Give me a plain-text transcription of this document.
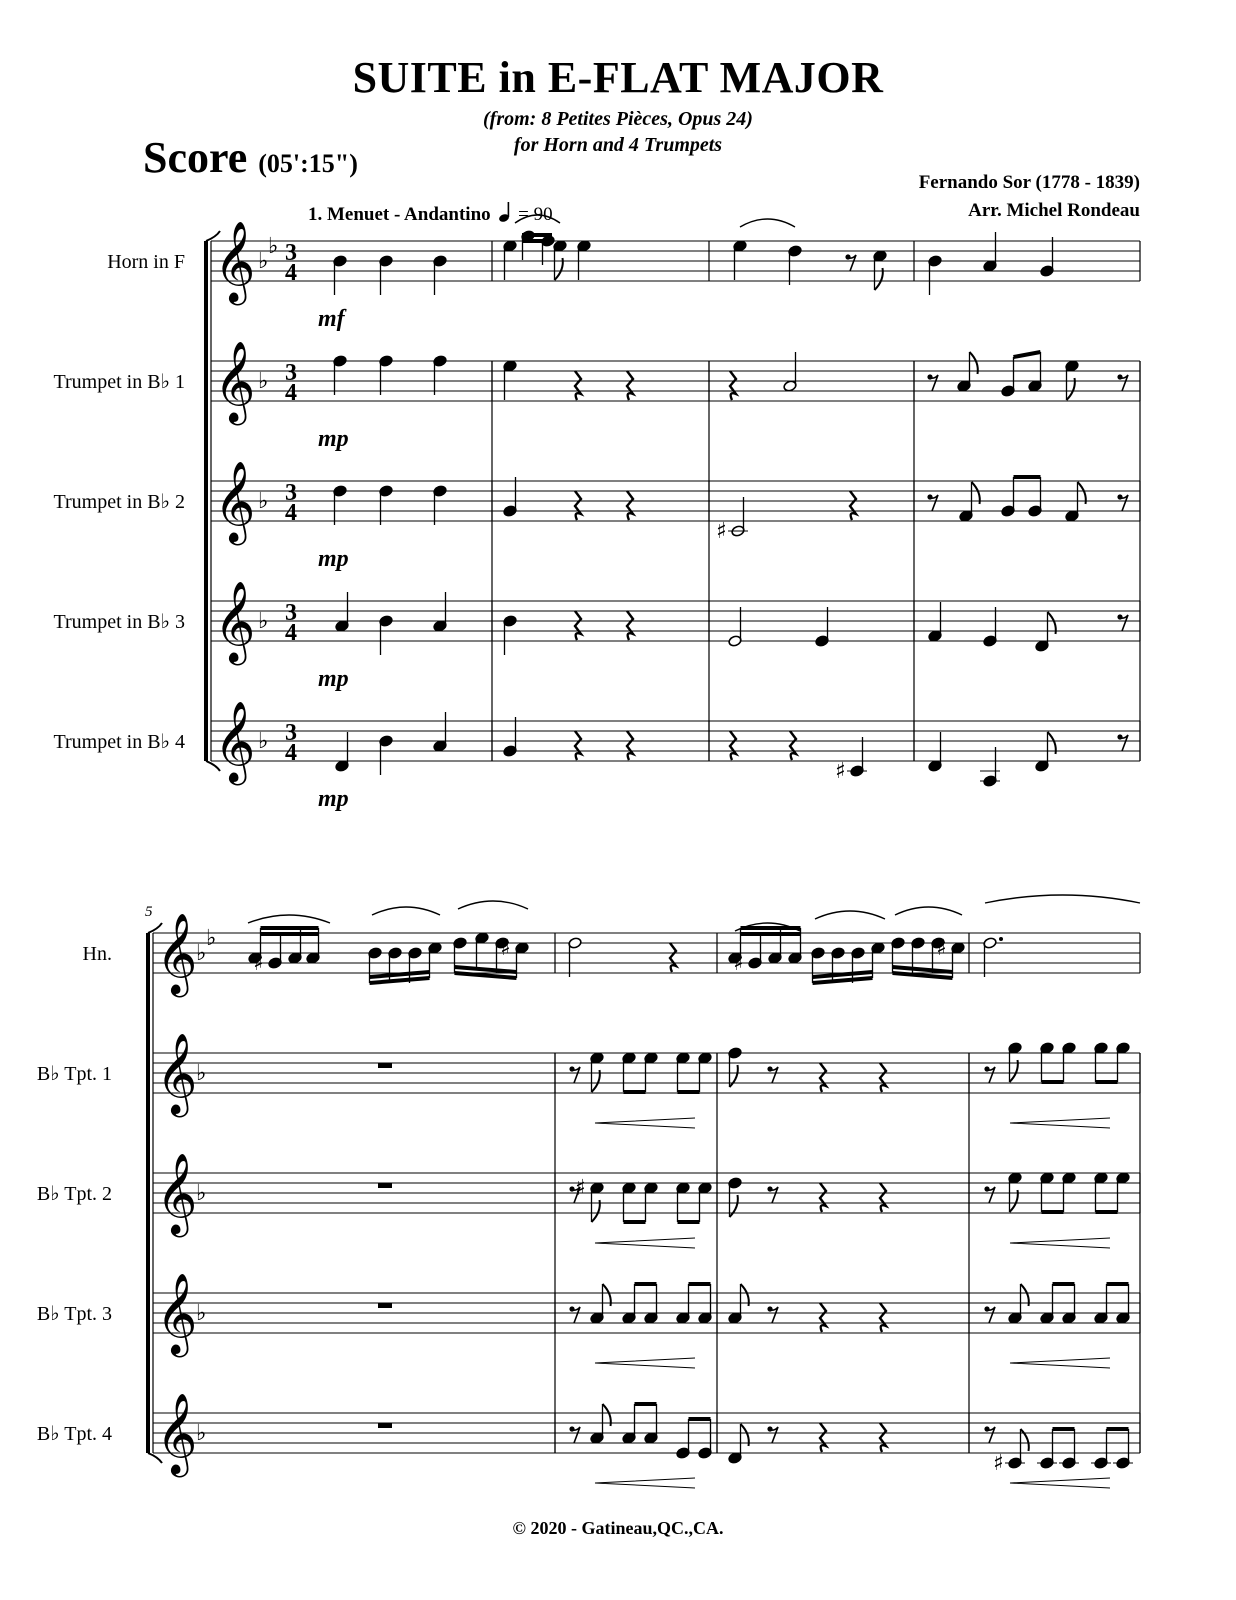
SUITE in E-FLAT MAJOR
(from: 8 Petites Pièces, Opus 24)
for Horn and 4 Trumpets
Score (05':15")
Fernando Sor (1778 - 1839)
Arr. Michel Rondeau
1. Menuet - Andantino = 90
© 2020 - Gatineau,QC.,CA.
Horn in F 𝄞 ♭
♭ 3
4
mf
Trumpet in B♭ 1 𝄞 ♭ 3
4
mp
Trumpet in B♭ 2 𝄞 ♭ 3
4
mp
Trumpet in B♭ 3 𝄞 ♭ 3
4
mp
Trumpet in B♭ 4 𝄞 ♭ 3
4
mp
♯
♯
5
Hn. 𝄞
♭
♭
B♭ Tpt. 1 𝄞
♭
B♭ Tpt. 2 𝄞
♭
B♭ Tpt. 3 𝄞
♭
B♭ Tpt. 4 𝄞
♭
♯
♯
♯
♯
♯
♯
